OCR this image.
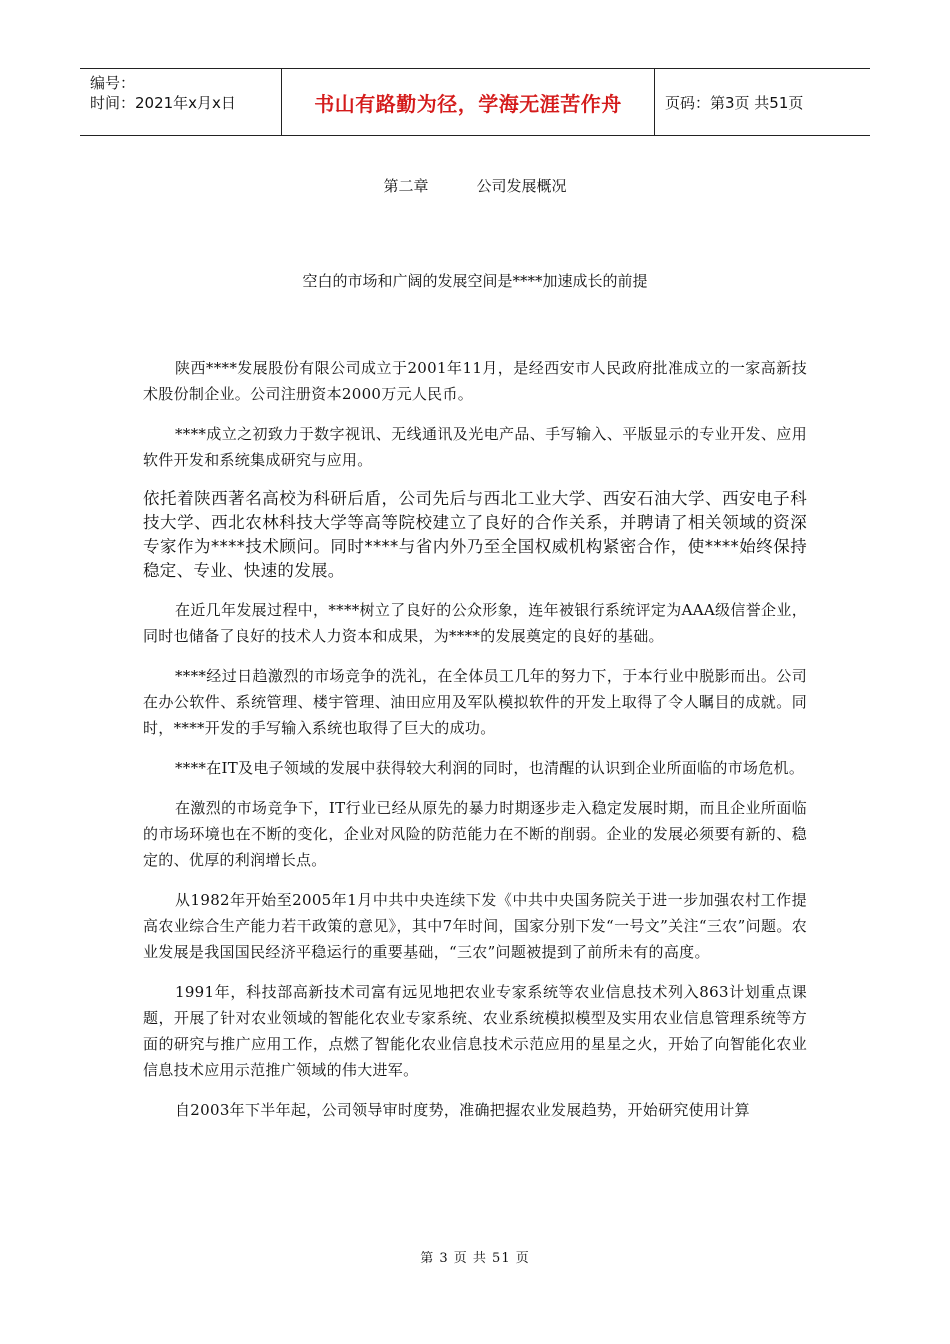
编号：
时间：2021年x月x日	书山有路勤为径，学海无涯苦作舟	页码：第3页 共51页
第二章	公司发展概况
空白的市场和广阔的发展空间是****加速成长的前提

陕西****发展股份有限公司成立于2001年11月，是经西安市人民政府批准成立的一家高新技术股份制企业。公司注册资本2000万元人民币。

****成立之初致力于数字视讯、无线通讯及光电产品、手写输入、平版显示的专业开发、应用软件开发和系统集成研究与应用。

依托着陕西著名高校为科研后盾，公司先后与西北工业大学、西安石油大学、西安电子科技大学、西北农林科技大学等高等院校建立了良好的合作关系，并聘请了相关领域的资深专家作为****技术顾问。同时****与省内外乃至全国权威机构紧密合作，使****始终保持稳定、专业、快速的发展。

在近几年发展过程中，****树立了良好的公众形象，连年被银行系统评定为AAA级信誉企业，同时也储备了良好的技术人力资本和成果，为****的发展奠定的良好的基础。

****经过日趋激烈的市场竞争的洗礼，在全体员工几年的努力下，于本行业中脱影而出。公司在办公软件、系统管理、楼宇管理、油田应用及军队模拟软件的开发上取得了令人瞩目的成就。同时，****开发的手写输入系统也取得了巨大的成功。

****在IT及电子领域的发展中获得较大利润的同时，也清醒的认识到企业所面临的市场危机。

在激烈的市场竞争下，IT行业已经从原先的暴力时期逐步走入稳定发展时期，而且企业所面临的市场环境也在不断的变化，企业对风险的防范能力在不断的削弱。企业的发展必须要有新的、稳定的、优厚的利润增长点。

从1982年开始至2005年1月中共中央连续下发《中共中央国务院关于进一步加强农村工作提高农业综合生产能力若干政策的意见》，其中7年时间，国家分别下发“一号文”关注“三农”问题。农业发展是我国国民经济平稳运行的重要基础，“三农”问题被提到了前所未有的高度。

1991年，科技部高新技术司富有远见地把农业专家系统等农业信息技术列入863计划重点课题，开展了针对农业领域的智能化农业专家系统、农业系统模拟模型及实用农业信息管理系统等方面的研究与推广应用工作，点燃了智能化农业信息技术示范应用的星星之火，开始了向智能化农业信息技术应用示范推广领域的伟大进军。

自2003年下半年起，公司领导审时度势，准确把握农业发展趋势，开始研究使用计算

第 3 页 共 51 页
